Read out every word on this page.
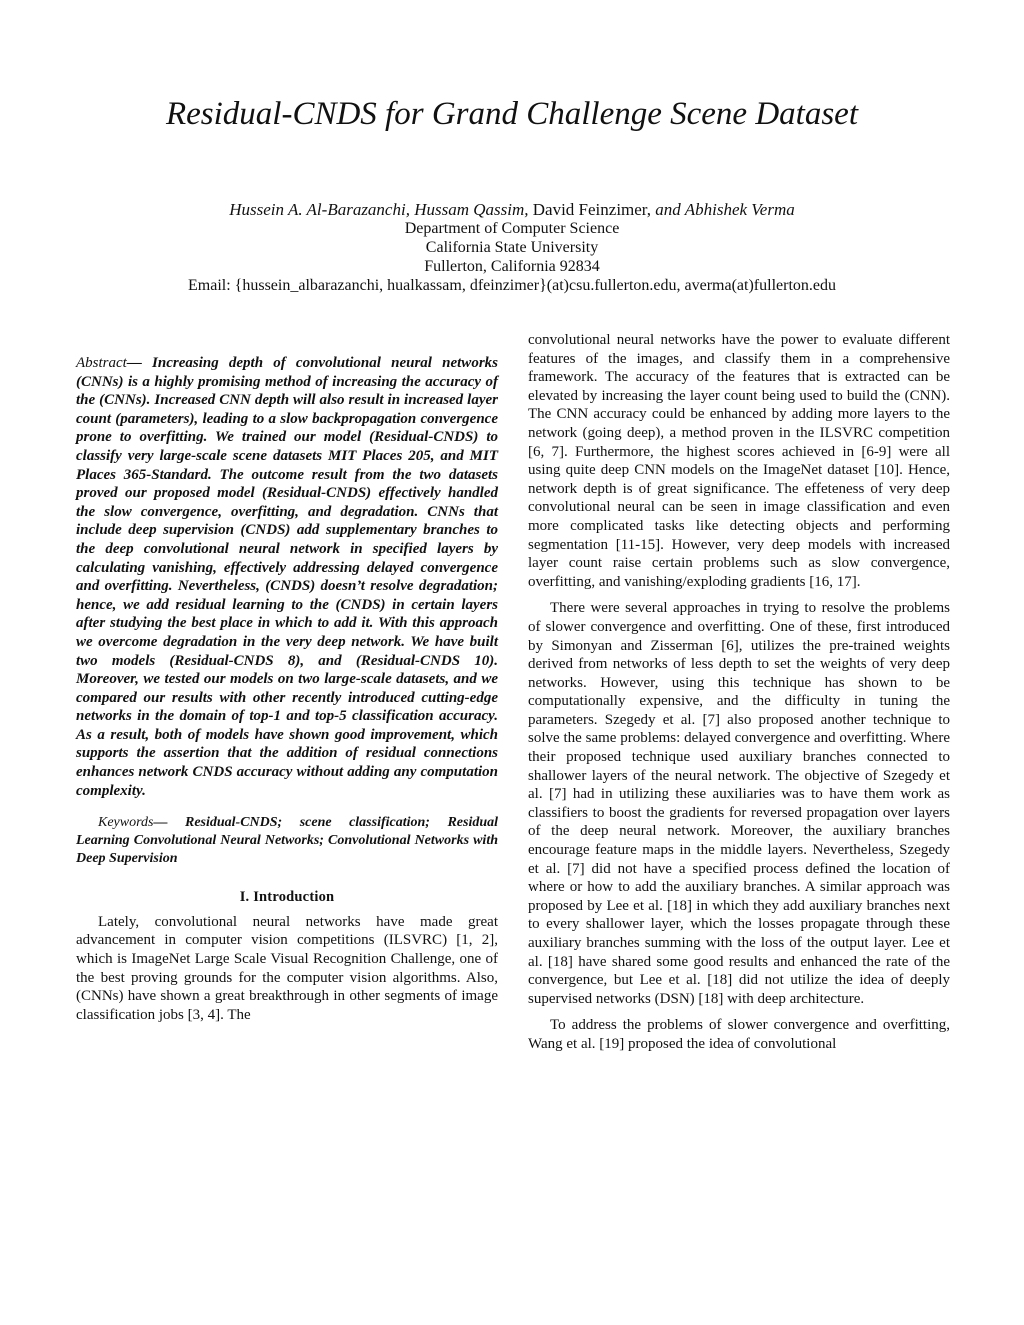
Residual-CNDS for Grand Challenge Scene Dataset
Hussein A. Al-Barazanchi, Hussam Qassim, David Feinzimer, and Abhishek Verma
Department of Computer Science
California State University
Fullerton, California 92834
Email: {hussein_albarazanchi, hualkassam, dfeinzimer}(at)csu.fullerton.edu, averma(at)fullerton.edu

Abstract— Increasing depth of convolutional neural networks (CNNs) is a highly promising method of increasing the accuracy of the (CNNs). Increased CNN depth will also result in increased layer count (parameters), leading to a slow backpropagation convergence prone to overfitting. We trained our model (Residual-CNDS) to classify very large-scale scene datasets MIT Places 205, and MIT Places 365-Standard. The outcome result from the two datasets proved our proposed model (Residual-CNDS) effectively handled the slow convergence, overfitting, and degradation. CNNs that include deep supervision (CNDS) add supplementary branches to the deep convolutional neural network in specified layers by calculating vanishing, effectively addressing delayed convergence and overfitting. Nevertheless, (CNDS) doesn’t resolve degradation; hence, we add residual learning to the (CNDS) in certain layers after studying the best place in which to add it. With this approach we overcome degradation in the very deep network. We have built two models (Residual-CNDS 8), and (Residual-CNDS 10). Moreover, we tested our models on two large-scale datasets, and we compared our results with other recently introduced cutting-edge networks in the domain of top-1 and top-5 classification accuracy. As a result, both of models have shown good improvement, which supports the assertion that the addition of residual connections enhances network CNDS accuracy without adding any computation complexity.

Keywords— Residual-CNDS; scene classification; Residual Learning Convolutional Neural Networks; Convolutional Networks with Deep Supervision

I. Introduction

Lately, convolutional neural networks have made great advancement in computer vision competitions (ILSVRC) [1, 2], which is ImageNet Large Scale Visual Recognition Challenge, one of the best proving grounds for the computer vision algorithms. Also, (CNNs) have shown a great breakthrough in other segments of image classification jobs [3, 4]. The

convolutional neural networks have the power to evaluate different features of the images, and classify them in a comprehensive framework. The accuracy of the features that is extracted can be elevated by increasing the layer count being used to build the (CNN). The CNN accuracy could be enhanced by adding more layers to the network (going deep), a method proven in the ILSVRC competition [6, 7]. Furthermore, the highest scores achieved in [6-9] were all using quite deep CNN models on the ImageNet dataset [10]. Hence, network depth is of great significance. The effeteness of very deep convolutional neural can be seen in image classification and even more complicated tasks like detecting objects and performing segmentation [11-15]. However, very deep models with increased layer count raise certain problems such as slow convergence, overfitting, and vanishing/exploding gradients [16, 17].

There were several approaches in trying to resolve the problems of slower convergence and overfitting. One of these, first introduced by Simonyan and Zisserman [6], utilizes the pre-trained weights derived from networks of less depth to set the weights of very deep networks. However, using this technique has shown to be computationally expensive, and the difficulty in tuning the parameters. Szegedy et al. [7] also proposed another technique to solve the same problems: delayed convergence and overfitting. Where their proposed technique used auxiliary branches connected to shallower layers of the neural network. The objective of Szegedy et al. [7] had in utilizing these auxiliaries was to have them work as classifiers to boost the gradients for reversed propagation over layers of the deep neural network. Moreover, the auxiliary branches encourage feature maps in the middle layers. Nevertheless, Szegedy et al. [7] did not have a specified process defined the location of where or how to add the auxiliary branches. A similar approach was proposed by Lee et al. [18] in which they add auxiliary branches next to every shallower layer, which the losses propagate through these auxiliary branches summing with the loss of the output layer. Lee et al. [18] have shared some good results and enhanced the rate of the convergence, but Lee et al. [18] did not utilize the idea of deeply supervised networks (DSN) [18] with deep architecture.

To address the problems of slower convergence and overfitting, Wang et al. [19] proposed the idea of convolutional
